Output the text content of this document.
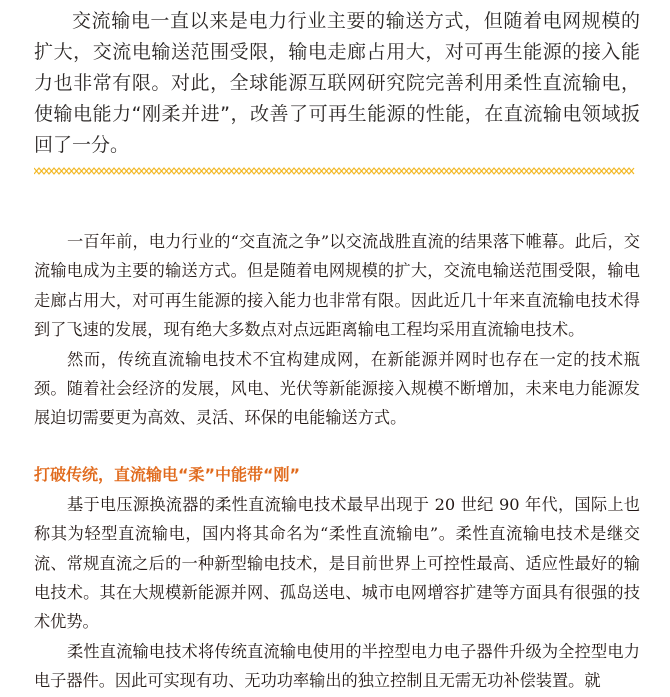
交流输电一直以来是电力行业主要的输送方式，但随着电网规模的扩大，交流电输送范围受限，输电走廊占用大，对可再生能源的接入能力也非常有限。对此，全球能源互联网研究院完善利用柔性直流输电，使输电能力“刚柔并进”，改善了可再生能源的性能，在直流输电领域扳回了一分。

一百年前，电力行业的“交直流之争”以交流战胜直流的结果落下帷幕。此后，交流输电成为主要的输送方式。但是随着电网规模的扩大，交流电输送范围受限，输电走廊占用大，对可再生能源的接入能力也非常有限。因此近几十年来直流输电技术得到了飞速的发展，现有绝大多数点对点远距离输电工程均采用直流输电技术。

然而，传统直流输电技术不宜构建成网，在新能源并网时也存在一定的技术瓶颈。随着社会经济的发展，风电、光伏等新能源接入规模不断增加，未来电力能源发展迫切需要更为高效、灵活、环保的电能输送方式。

打破传统，直流输电“柔”中能带“刚”

基于电压源换流器的柔性直流输电技术最早出现于 20 世纪 90 年代，国际上也称其为轻型直流输电，国内将其命名为“柔性直流输电”。柔性直流输电技术是继交流、常规直流之后的一种新型输电技术，是目前世界上可控性最高、适应性最好的输电技术。其在大规模新能源并网、孤岛送电、城市电网增容扩建等方面具有很强的技术优势。

柔性直流输电技术将传统直流输电使用的半控型电力电子器件升级为全控型电力电子器件。因此可实现有功、无功功率输出的独立控制且无需无功补偿装置。就
